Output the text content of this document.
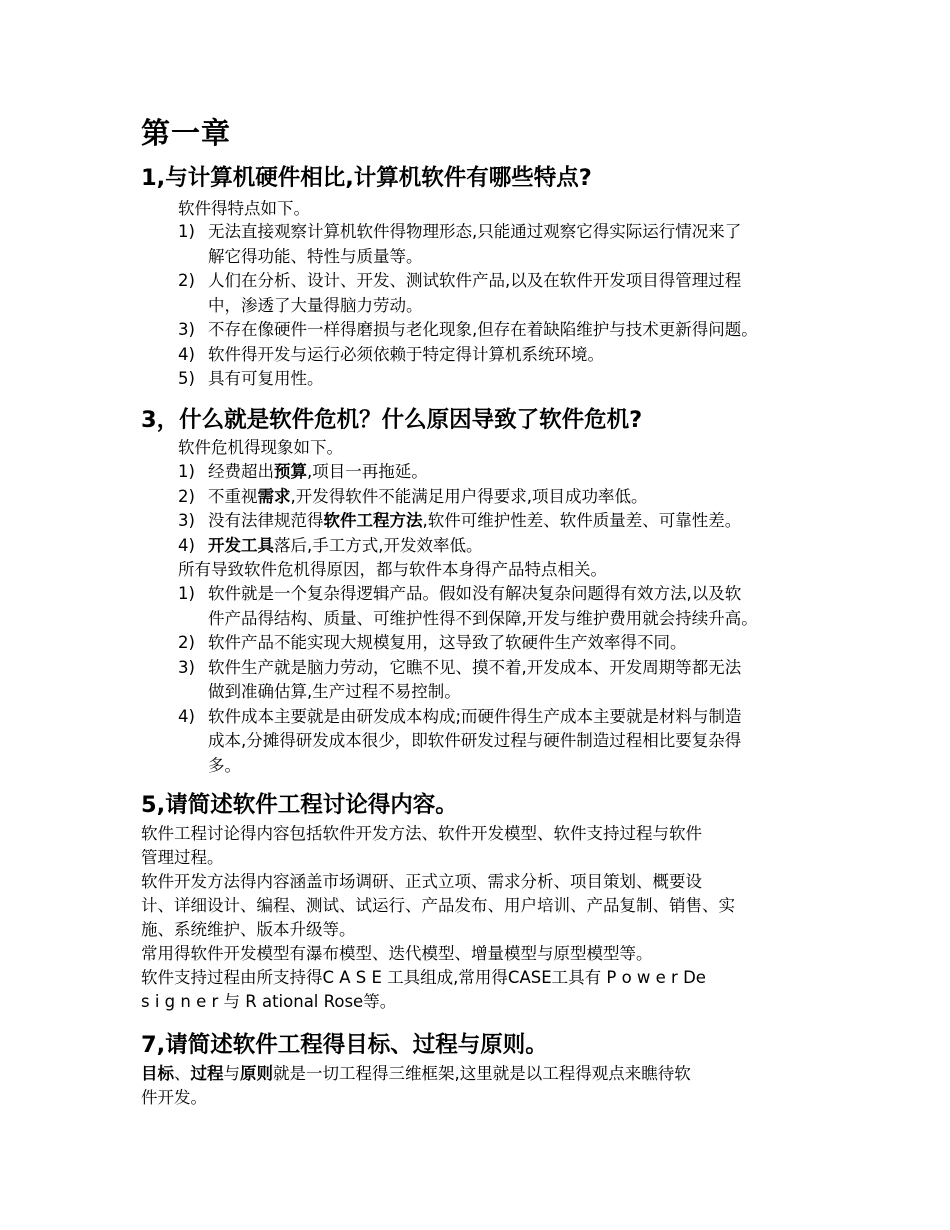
第一章
1,与计算机硬件相比,计算机软件有哪些特点?
软件得特点如下。
1) 无法直接观察计算机软件得物理形态,只能通过观察它得实际运行情况来了
解它得功能、特性与质量等。
2) 人们在分析、设计、开发、测试软件产品,以及在软件开发项目得管理过程
中，渗透了大量得脑力劳动。
3) 不存在像硬件一样得磨损与老化现象,但存在着缺陷维护与技术更新得问题。
4) 软件得开发与运行必须依赖于特定得计算机系统环境。
5) 具有可复用性。
3，什么就是软件危机？什么原因导致了软件危机?
软件危机得现象如下。
1) 经费超出预算,项目一再拖延。
2) 不重视需求,开发得软件不能满足用户得要求,项目成功率低。
3) 没有法律规范得软件工程方法,软件可维护性差、软件质量差、可靠性差。
4) 开发工具落后,手工方式,开发效率低。
所有导致软件危机得原因，都与软件本身得产品特点相关。
1) 软件就是一个复杂得逻辑产品。假如没有解决复杂问题得有效方法,以及软
件产品得结构、质量、可维护性得不到保障,开发与维护费用就会持续升高。
2) 软件产品不能实现大规模复用，这导致了软硬件生产效率得不同。
3) 软件生产就是脑力劳动，它瞧不见、摸不着,开发成本、开发周期等都无法
做到准确估算,生产过程不易控制。
4) 软件成本主要就是由研发成本构成;而硬件得生产成本主要就是材料与制造
成本,分摊得研发成本很少，即软件研发过程与硬件制造过程相比要复杂得
多。
5,请简述软件工程讨论得内容。
软件工程讨论得内容包括软件开发方法、软件开发模型、软件支持过程与软件
管理过程。
软件开发方法得内容涵盖市场调研、正式立项、需求分析、项目策划、概要设
计、详细设计、编程、测试、试运行、产品发布、用户培训、产品复制、销售、实
施、系统维护、版本升级等。
常用得软件开发模型有瀑布模型、迭代模型、增量模型与原型模型等。
软件支持过程由所支持得C A S E 工具组成,常用得CASE工具有 P o w e r De
s i g n e r 与 R ational Rose等。
7,请简述软件工程得目标、过程与原则。
目标、过程与原则就是一切工程得三维框架,这里就是以工程得观点来瞧待软
件开发。
